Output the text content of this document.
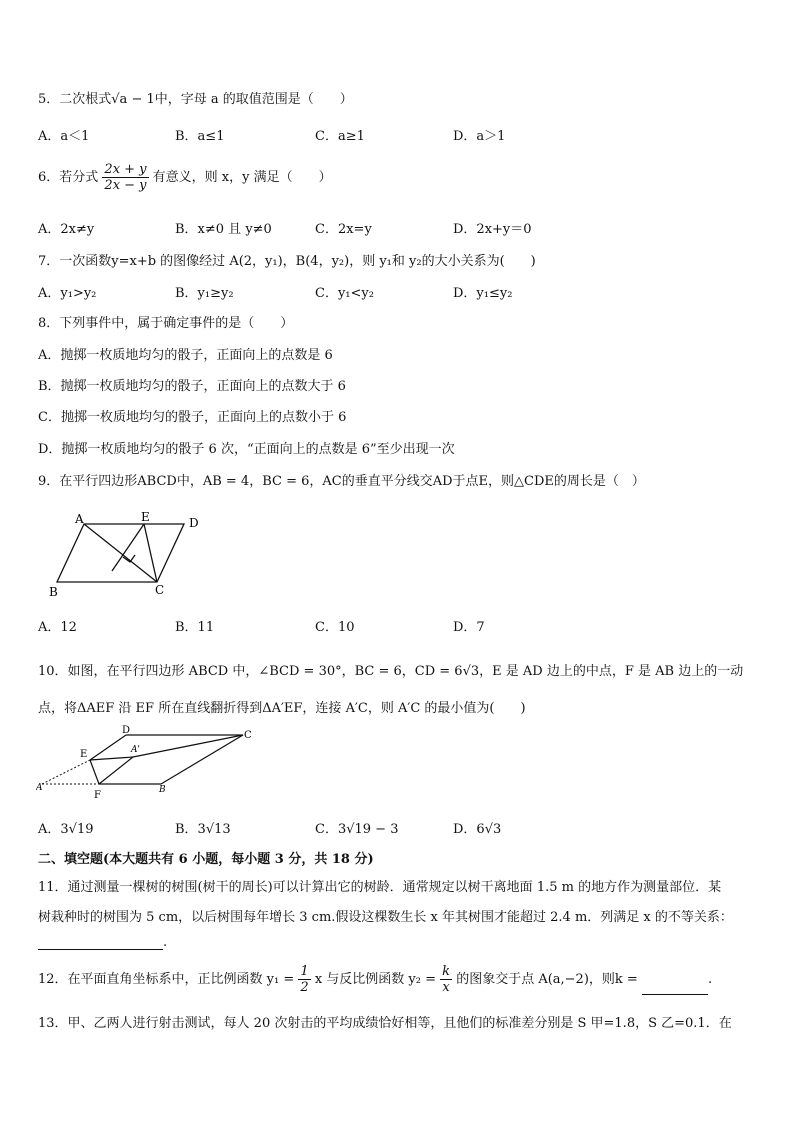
5．二次根式√a − 1中，字母 a 的取值范围是（　　）
A．a＜1	B．a≤1	C．a≥1	D．a＞1
6．若分式 $\frac{2x + y}{2x - y}$ 有意义，则 x，y 满足（　　）
A．2x≠y	B．x≠0 且 y≠0	C．2x=y	D．2x+y＝0
7．一次函数y=x+b 的图像经过 A(2，y₁)，B(4，y₂)，则 y₁和 y₂的大小关系为(　　)
A．y₁>y₂	B．y₁≥y₂	C．y₁<y₂	D．y₁≤y₂
8．下列事件中，属于确定事件的是（　　）
A．抛掷一枚质地均匀的骰子，正面向上的点数是 6
B．抛掷一枚质地均匀的骰子，正面向上的点数大于 6
C．抛掷一枚质地均匀的骰子，正面向上的点数小于 6
D．抛掷一枚质地均匀的骰子 6 次，“正面向上的点数是 6”至少出现一次
9．在平行四边形ABCD中，AB = 4，BC = 6，AC的垂直平分线交AD于点E，则△CDE的周长是（　）
A	E	D
B	C
A．12	B．11	C．10	D．7
10．如图，在平行四边形 ABCD 中，∠BCD = 30°，BC = 6，CD = 6√3，E 是 AD 边上的中点，F 是 AB 边上的一动
点，将ΔAEF 沿 EF 所在直线翻折得到ΔA′EF，连接 A′C，则 A′C 的最小值为(　　)
D
A'
C
E
A
F	B
A．3√19	B．3√13	C．3√19 − 3	D．6√3
二、填空题(本大题共有 6 小题，每小题 3 分，共 18 分)
11．通过测量一棵树的树围(树干的周长)可以计算出它的树龄．通常规定以树干离地面 1.5 m 的地方作为测量部位．某
树栽种时的树围为 5 cm，以后树围每年增长 3 cm.假设这棵数生长 x 年其树围才能超过 2.4 m．列满足 x 的不等关系：
.
12．在平面直角坐标系中，正比例函数 $y_1 = \frac{1}{2}$ x 与反比例函数 $y_2 = \frac{k}{x}$ 的图象交于点 A(a,−2)，则k =	.
13．甲、乙两人进行射击测试，每人 20 次射击的平均成绩恰好相等，且他们的标准差分别是 S 甲=1.8，S 乙=0.1．在
